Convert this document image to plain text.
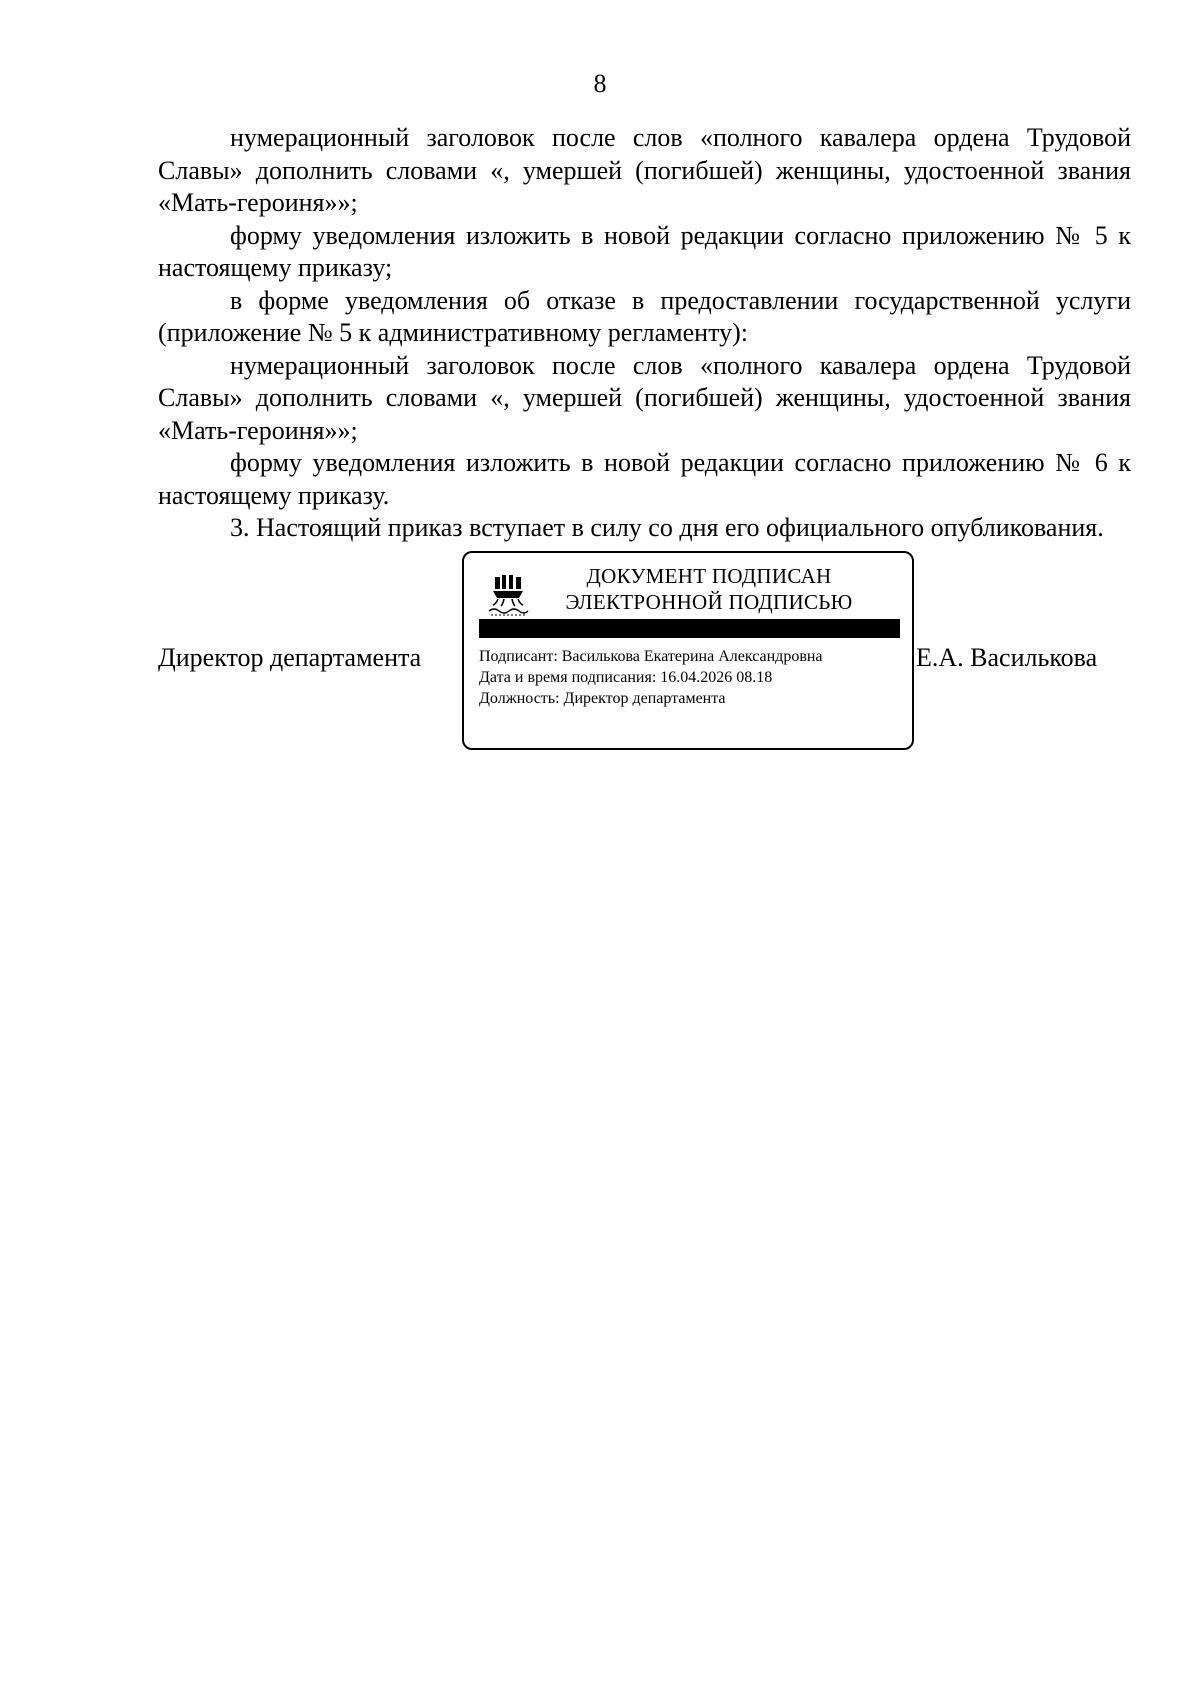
8

нумерационный заголовок после слов «полного кавалера ордена Трудовой Славы» дополнить словами «, умершей (погибшей) женщины, удостоенной звания «Мать-героиня»»;

форму уведомления изложить в новой редакции согласно приложению № 5 к настоящему приказу;

в форме уведомления об отказе в предоставлении государственной услуги (приложение № 5 к административному регламенту):

нумерационный заголовок после слов «полного кавалера ордена Трудовой Славы» дополнить словами «, умершей (погибшей) женщины, удостоенной звания «Мать-героиня»»;

форму уведомления изложить в новой редакции согласно приложению № 6 к настоящему приказу.

3. Настоящий приказ вступает в силу со дня его официального опубликования.

Директор департамента	Е.А. Василькова
ДОКУМЕНТ ПОДПИСАН
ЭЛЕКТРОННОЙ ПОДПИСЬЮ
Подписант: Василькова Екатерина Александровна
Дата и время подписания: 16.04.2026 08.18
Должность: Директор департамента
